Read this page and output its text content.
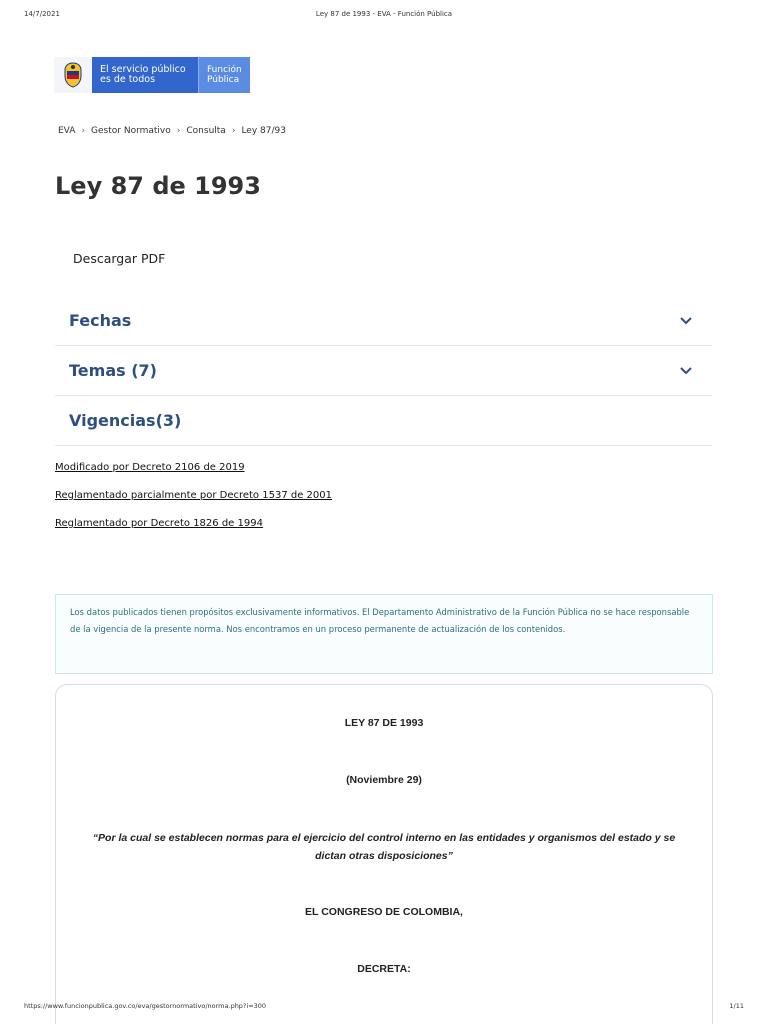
14/7/2021	Ley 87 de 1993 - EVA - Función Pública
El servicio público
es de todos
Función
Pública
EVA › Gestor Normativo › Consulta › Ley 87/93
Ley 87 de 1993
Descargar PDF
Fechas
Temas (7)
Vigencias(3)
Modificado por Decreto 2106 de 2019
Reglamentado parcialmente por Decreto 1537 de 2001
Reglamentado por Decreto 1826 de 1994
Los datos publicados tienen propósitos exclusivamente informativos. El Departamento Administrativo de la Función Pública no se hace responsable de la vigencia de la presente norma. Nos encontramos en un proceso permanente de actualización de los contenidos.
LEY 87 DE 1993
(Noviembre 29)
“Por la cual se establecen normas para el ejercicio del control interno en las entidades y organismos del estado y se dictan otras disposiciones”
EL CONGRESO DE COLOMBIA,
DECRETA:
https://www.funcionpublica.gov.co/eva/gestornormativo/norma.php?i=300	1/11
